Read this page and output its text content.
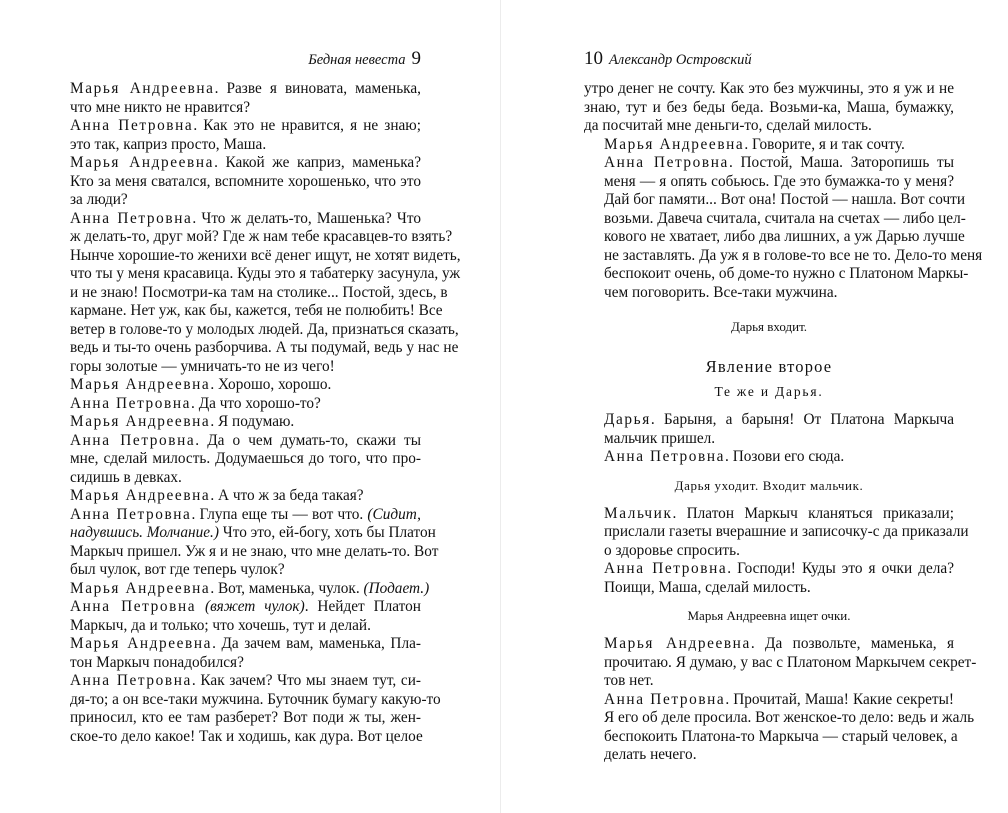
Бедная невеста 9

Марья Андреевна. Разве я виновата, маменька,
что мне никто не нравится?

Анна Петровна. Как это не нравится, я не знаю;
это так, каприз просто, Маша.

Марья Андреевна. Какой же каприз, маменька?
Кто за меня сватался, вспомните хорошенько, что это
за люди?

Анна Петровна. Что ж делать-то, Машенька? Что
ж делать-то, друг мой? Где ж нам тебе красавцев-то взять?
Нынче хорошие-то женихи всё денег ищут, не хотят видеть,
что ты у меня красавица. Куды это я табатерку засунула, уж
и не знаю! Посмотри-ка там на столике... Постой, здесь, в
кармане. Нет уж, как бы, кажется, тебя не полюбить! Все
ветер в голове-то у молодых людей. Да, признаться сказать,
ведь и ты-то очень разборчива. А ты подумай, ведь у нас не
горы золотые — умничать-то не из чего!

Марья Андреевна. Хорошо, хорошо.

Анна Петровна. Да что хорошо-то?

Марья Андреевна. Я подумаю.

Анна Петровна. Да о чем думать-то, скажи ты
мне, сделай милость. Додумаешься до того, что про-
сидишь в девках.

Марья Андреевна. А что ж за беда такая?

Анна Петровна. Глупа еще ты — вот что. (Сидит,
надувшись. Молчание.) Что это, ей-богу, хоть бы Платон
Маркыч пришел. Уж я и не знаю, что мне делать-то. Вот
был чулок, вот где теперь чулок?

Марья Андреевна. Вот, маменька, чулок. (Подает.)

Анна Петровна (вяжет чулок). Нейдет Платон
Маркыч, да и только; что хочешь, тут и делай.

Марья Андреевна. Да зачем вам, маменька, Пла-
тон Маркыч понадобился?

Анна Петровна. Как зачем? Что мы знаем тут, си-
дя-то; а он все-таки мужчина. Буточник бумагу какую-то
приносил, кто ее там разберет? Вот поди ж ты, жен-
ское-то дело какое! Так и ходишь, как дура. Вот целое

10 Александр Островский

утро денег не сочту. Как это без мужчины, это я уж и не
знаю, тут и без беды беда. Возьми-ка, Маша, бумажку,
да посчитай мне деньги-то, сделай милость.

Марья Андреевна. Говорите, я и так сочту.

Анна Петровна. Постой, Маша. Заторопишь ты
меня — я опять собьюсь. Где это бумажка-то у меня?
Дай бог памяти... Вот она! Постой — нашла. Вот сочти
возьми. Давеча считала, считала на счетах — либо цел-
кового не хватает, либо два лишних, а уж Дарью лучше
не заставлять. Да уж я в голове-то все не то. Дело-то меня
беспокоит очень, об доме-то нужно с Платоном Маркы-
чем поговорить. Все-таки мужчина.

Дарья входит.

Явление второе

Те же и Дарья.

Дарья. Барыня, а барыня! От Платона Маркыча
мальчик пришел.

Анна Петровна. Позови его сюда.

Дарья уходит. Входит мальчик.

Мальчик. Платон Маркыч кланяться приказали;
прислали газеты вчерашние и записочку-с да приказали
о здоровье спросить.

Анна Петровна. Господи! Куды это я очки дела?
Поищи, Маша, сделай милость.

Марья Андреевна ищет очки.

Марья Андреевна. Да позвольте, маменька, я
прочитаю. Я думаю, у вас с Платоном Маркычем секрет-
тов нет.

Анна Петровна. Прочитай, Маша! Какие секреты!
Я его об деле просила. Вот женское-то дело: ведь и жаль
беспокоить Платона-то Маркыча — старый человек, а
делать нечего.
